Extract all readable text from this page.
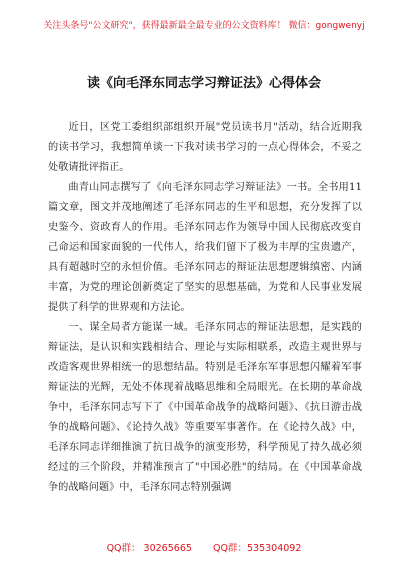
关注头条号"公文研究"，获得最新最全最专业的公文资料库！ 微信：gongwenyj
读《向毛泽东同志学习辩证法》心得体会

近日，区党工委组织部组织开展"党员读书月"活动，结合近期我的读书学习，我想简单谈一下我对读书学习的一点心得体会，不妥之处敬请批评指正。

曲青山同志撰写了《向毛泽东同志学习辩证法》一书。全书用11篇文章，图文并茂地阐述了毛泽东同志的生平和思想，充分发挥了以史鉴今、资政育人的作用。毛泽东同志作为领导中国人民彻底改变自己命运和国家面貌的一代伟人，给我们留下了极为丰厚的宝贵遗产，具有超越时空的永恒价值。毛泽东同志的辩证法思想逻辑缜密、内涵丰富，为党的理论创新奠定了坚实的思想基础，为党和人民事业发展提供了科学的世界观和方法论。

一、谋全局者方能谋一域。毛泽东同志的辩证法思想，是实践的辩证法，是认识和实践相结合、理论与实际相联系，改造主观世界与改造客观世界相统一的思想结晶。特别是毛泽东军事思想闪耀着军事辩证法的光辉，无处不体现着战略思维和全局眼光。在长期的革命战争中，毛泽东同志写下了《中国革命战争的战略问题》、《抗日游击战争的战略问题》、《论持久战》等重要军事著作。在《论持久战》中，毛泽东同志详细推演了抗日战争的演变形势，科学预见了持久战必须经过的三个阶段，并精准预言了"中国必胜"的结局。在《中国革命战争的战略问题》中，毛泽东同志特别强调

QQ群： 30265665       QQ群：535304092
